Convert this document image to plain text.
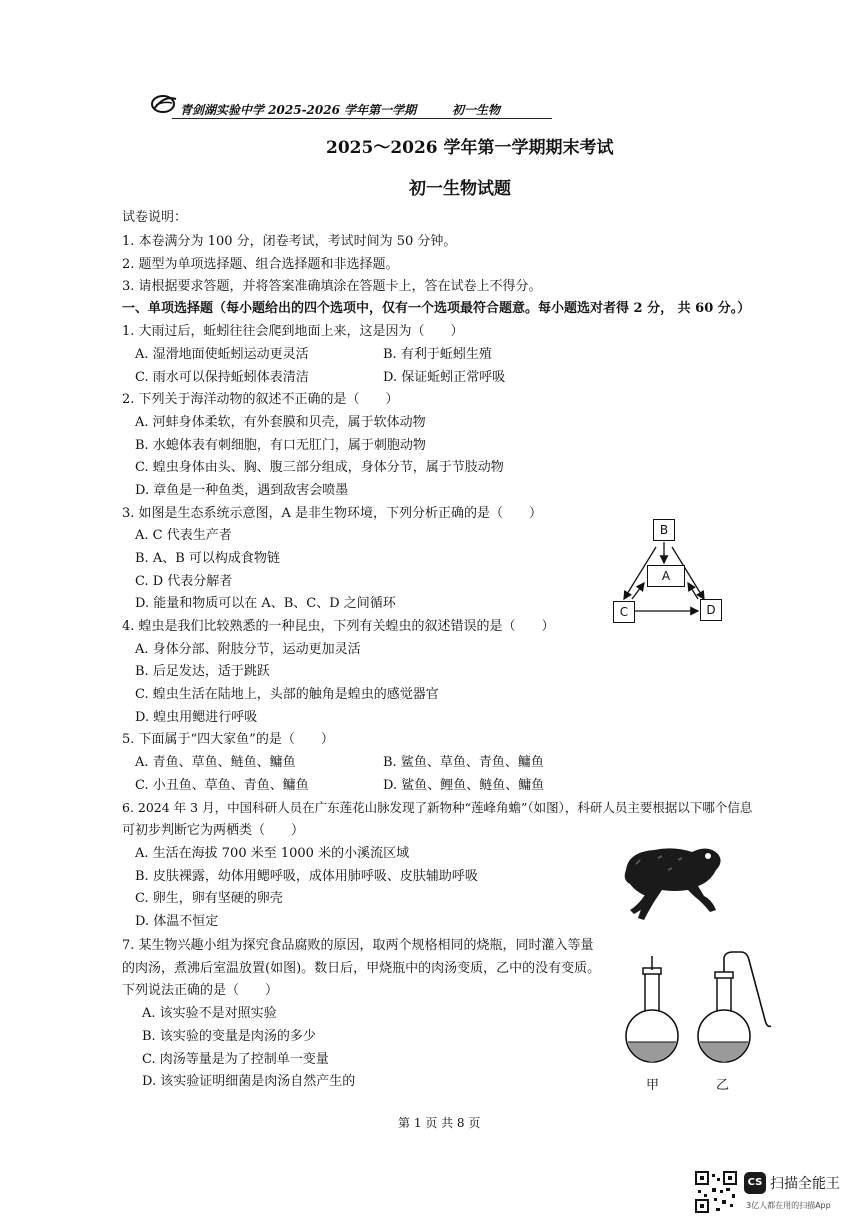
青剑湖实验中学 2025-2026 学年第一学期	初一生物
2025～2026 学年第一学期期末考试
初一生物试题
试卷说明：
1. 本卷满分为 100 分，闭卷考试，考试时间为 50 分钟。
2. 题型为单项选择题、组合选择题和非选择题。
3. 请根据要求答题，并将答案准确填涂在答题卡上，答在试卷上不得分。
一、单项选择题（每小题给出的四个选项中，仅有一个选项最符合题意。每小题选对者得 2 分， 共 60 分。）
1. 大雨过后，蚯蚓往往会爬到地面上来，这是因为（　　）
A. 湿滑地面使蚯蚓运动更灵活	B. 有利于蚯蚓生殖
C. 雨水可以保持蚯蚓体表清洁	D. 保证蚯蚓正常呼吸
2. 下列关于海洋动物的叙述不正确的是（　　）
A. 河蚌身体柔软，有外套膜和贝壳，属于软体动物
B. 水螅体表有刺细胞，有口无肛门，属于刺胞动物
C. 蝗虫身体由头、胸、腹三部分组成，身体分节，属于节肢动物
D. 章鱼是一种鱼类，遇到敌害会喷墨
3. 如图是生态系统示意图，A 是非生物环境，下列分析正确的是（　　）
A. C 代表生产者
B. A、B 可以构成食物链
C. D 代表分解者
D. 能量和物质可以在 A、B、C、D 之间循环
B
A
C	D
4. 蝗虫是我们比较熟悉的一种昆虫，下列有关蝗虫的叙述错误的是（　　）
A. 身体分部、附肢分节，运动更加灵活
B. 后足发达，适于跳跃
C. 蝗虫生活在陆地上，头部的触角是蝗虫的感觉器官
D. 蝗虫用鳃进行呼吸
5. 下面属于“四大家鱼”的是（　　）
A. 青鱼、草鱼、鲢鱼、鳙鱼	B. 鲨鱼、草鱼、青鱼、鳙鱼
C. 小丑鱼、草鱼、青鱼、鳙鱼	D. 鲨鱼、鲤鱼、鲢鱼、鳙鱼
6. 2024 年 3 月，中国科研人员在广东莲花山脉发现了新物种“莲峰角蟾”（如图），科研人员主要根据以下哪个信息
可初步判断它为两栖类（　　）
A. 生活在海拔 700 米至 1000 米的小溪流区域
B. 皮肤裸露，幼体用鳃呼吸，成体用肺呼吸、皮肤辅助呼吸
C. 卵生，卵有坚硬的卵壳
D. 体温不恒定
7. 某生物兴趣小组为探究食品腐败的原因，取两个规格相同的烧瓶，同时灌入等量
的肉汤，煮沸后室温放置(如图)。数日后，甲烧瓶中的肉汤变质，乙中的没有变质。
下列说法正确的是（　　）
A. 该实验不是对照实验
B. 该实验的变量是肉汤的多少
C. 肉汤等量是为了控制单一变量
D. 该实验证明细菌是肉汤自然产生的	甲	乙
第 1 页 共 8 页
CS 扫描全能王
3亿人都在用的扫描App
